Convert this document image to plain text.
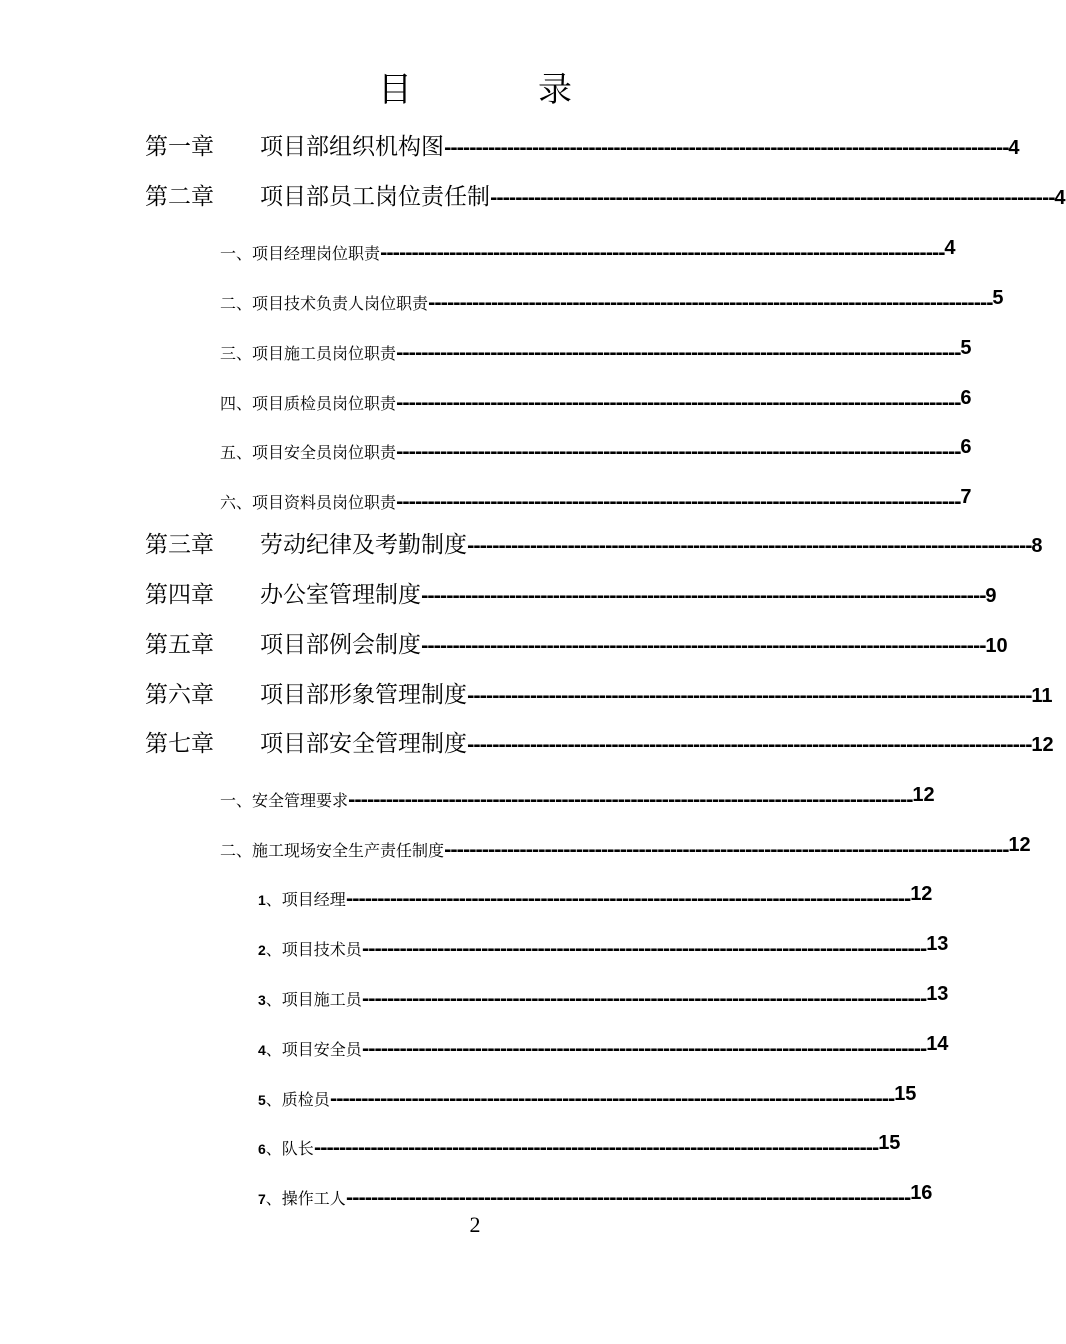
目　录
第一章 项目部组织机构图 ------------------------------------------------------------------------------------------ 4
第二章 项目部员工岗位责任制 ------------------------------------------------------------------------------------------ 4
一、项目经理岗位职责 ------------------------------------------------------------------------------------------ 4
二、项目技术负责人岗位职责 ------------------------------------------------------------------------------------------ 5
三、项目施工员岗位职责 ------------------------------------------------------------------------------------------ 5
四、项目质检员岗位职责 ------------------------------------------------------------------------------------------ 6
五、项目安全员岗位职责 ------------------------------------------------------------------------------------------ 6
六、项目资料员岗位职责 ------------------------------------------------------------------------------------------ 7
第三章 劳动纪律及考勤制度 ------------------------------------------------------------------------------------------ 8
第四章 办公室管理制度 ------------------------------------------------------------------------------------------ 9
第五章 项目部例会制度 ------------------------------------------------------------------------------------------ 10
第六章 项目部形象管理制度 ------------------------------------------------------------------------------------------ 11
第七章 项目部安全管理制度 ------------------------------------------------------------------------------------------ 12
一、安全管理要求 ------------------------------------------------------------------------------------------ 12
二、施工现场安全生产责任制度 ------------------------------------------------------------------------------------------ 12
1、项目经理 ------------------------------------------------------------------------------------------ 12
2、项目技术员 ------------------------------------------------------------------------------------------ 13
3、项目施工员 ------------------------------------------------------------------------------------------ 13
4、项目安全员 ------------------------------------------------------------------------------------------ 14
5、质检员 ------------------------------------------------------------------------------------------ 15
6、队长 ------------------------------------------------------------------------------------------ 15
7、操作工人 ------------------------------------------------------------------------------------------ 16
2
